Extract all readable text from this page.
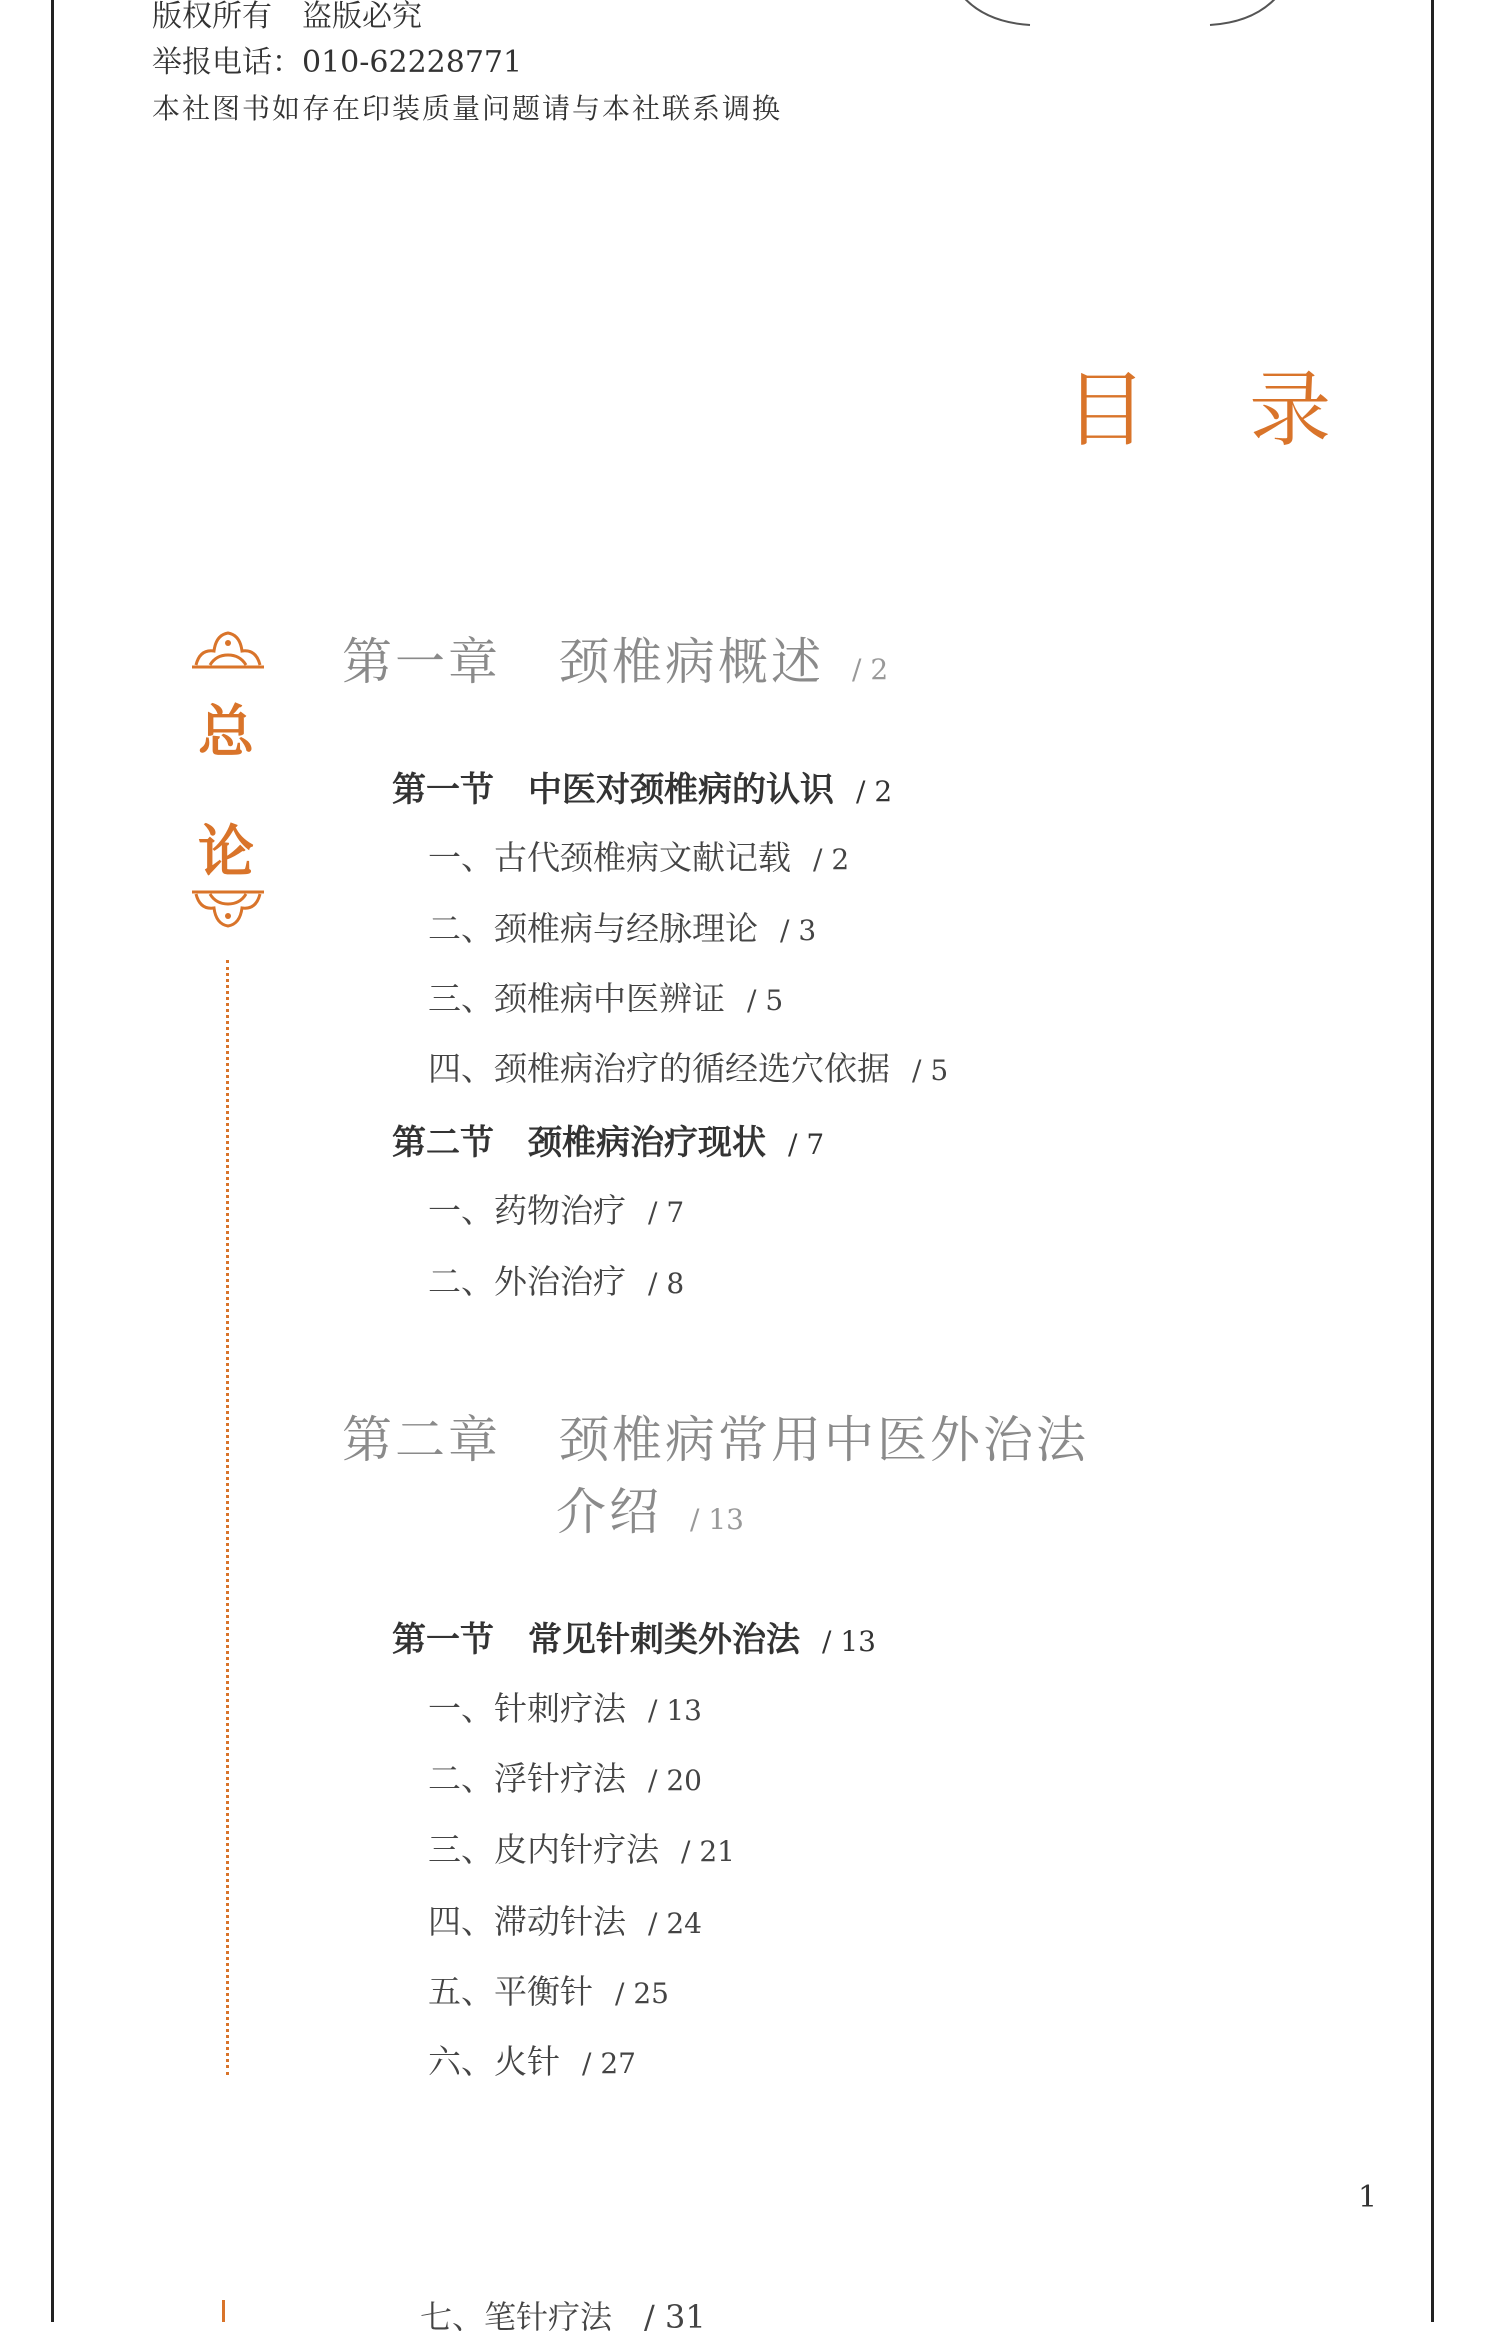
版权所有　盗版必究
举报电话：010-62228771
本社图书如存在印装质量问题请与本社联系调换
目 录
总
论
第一章 颈椎病概述 / 2
第一节 中医对颈椎病的认识 / 2
一、古代颈椎病文献记载 / 2
二、颈椎病与经脉理论 / 3
三、颈椎病中医辨证 / 5
四、颈椎病治疗的循经选穴依据 / 5
第二节 颈椎病治疗现状 / 7
一、药物治疗 / 7
二、外治治疗 / 8
第二章 颈椎病常用中医外治法
介绍 / 13
第一节 常见针刺类外治法 / 13
一、针刺疗法 / 13
二、浮针疗法 / 20
三、皮内针疗法 / 21
四、滞动针法 / 24
五、平衡针 / 25
六、火针 / 27
1
七、笔针疗法　/ 31
